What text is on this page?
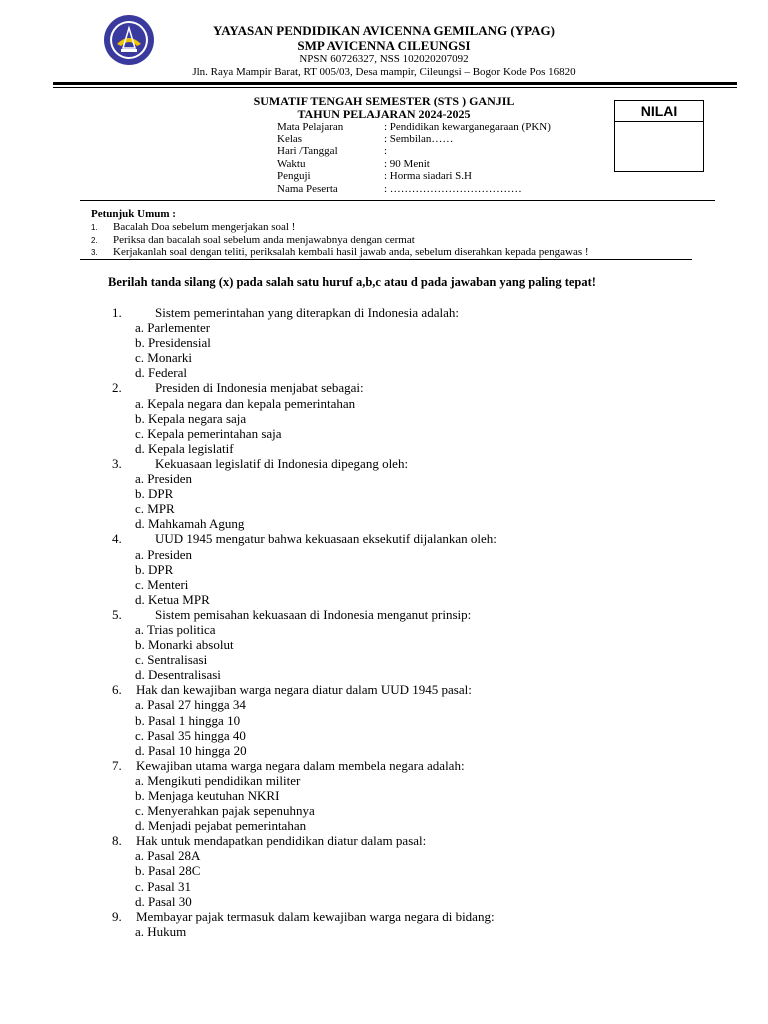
YAYASAN PENDIDIKAN AVICENNA GEMILANG (YPAG)
SMP AVICENNA CILEUNGSI
NPSN 60726327, NSS 102020207092
Jln. Raya Mampir Barat, RT 005/03, Desa mampir, Cileungsi – Bogor Kode Pos 16820
SUMATIF TENGAH SEMESTER (STS ) GANJIL
TAHUN PELAJARAN 2024-2025	NILAI
Mata Pelajaran	: Pendidikan kewarganegaraan (PKN)
Kelas	: Sembilan……
Hari /Tanggal	:
Waktu	: 90 Menit
Penguji	: Horma siadari S.H
Nama Peserta	: ………………………………
Petunjuk Umum :
1. Bacalah Doa sebelum mengerjakan soal !
2. Periksa dan bacalah soal sebelum anda menjawabnya dengan cermat
3. Kerjakanlah soal dengan teliti, periksalah kembali hasil jawab anda, sebelum diserahkan kepada pengawas !
Berilah tanda silang (x) pada salah satu huruf a,b,c atau d pada jawaban yang paling tepat!
1.	Sistem pemerintahan yang diterapkan di Indonesia adalah:
a. Parlementer
b. Presidensial
c. Monarki
d. Federal
2.	Presiden di Indonesia menjabat sebagai:
a. Kepala negara dan kepala pemerintahan
b. Kepala negara saja
c. Kepala pemerintahan saja
d. Kepala legislatif
3.	Kekuasaan legislatif di Indonesia dipegang oleh:
a. Presiden
b. DPR
c. MPR
d. Mahkamah Agung
4.	UUD 1945 mengatur bahwa kekuasaan eksekutif dijalankan oleh:
a. Presiden
b. DPR
c. Menteri
d. Ketua MPR
5.	Sistem pemisahan kekuasaan di Indonesia menganut prinsip:
a. Trias politica
b. Monarki absolut
c. Sentralisasi
d. Desentralisasi
6. Hak dan kewajiban warga negara diatur dalam UUD 1945 pasal:
a. Pasal 27 hingga 34
b. Pasal 1 hingga 10
c. Pasal 35 hingga 40
d. Pasal 10 hingga 20
7. Kewajiban utama warga negara dalam membela negara adalah:
a. Mengikuti pendidikan militer
b. Menjaga keutuhan NKRI
c. Menyerahkan pajak sepenuhnya
d. Menjadi pejabat pemerintahan
8. Hak untuk mendapatkan pendidikan diatur dalam pasal:
a. Pasal 28A
b. Pasal 28C
c. Pasal 31
d. Pasal 30
9. Membayar pajak termasuk dalam kewajiban warga negara di bidang:
a. Hukum
